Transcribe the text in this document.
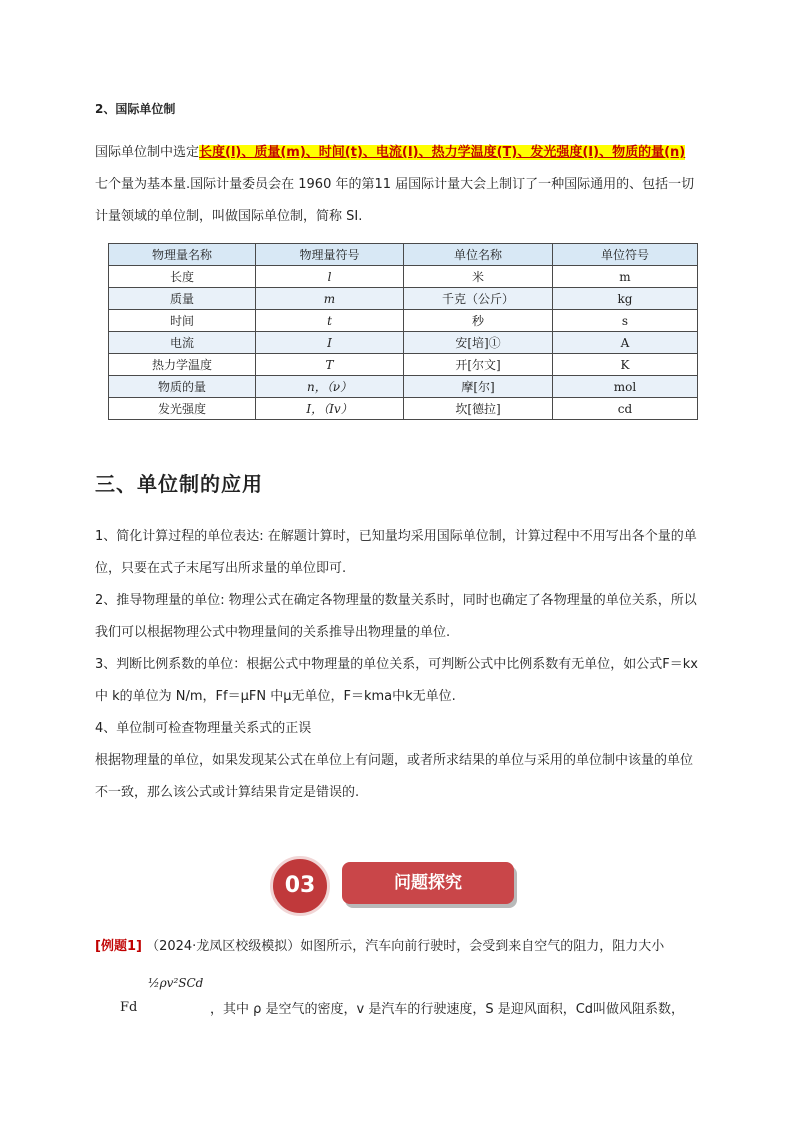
2、国际单位制
国际单位制中选定长度(l)、质量(m)、时间(t)、电流(I)、热力学温度(T)、发光强度(I)、物质的量(n)
七个量为基本量.国际计量委员会在 1960 年的第11 届国际计量大会上制订了一种国际通用的、包括一切
计量领域的单位制，叫做国际单位制，简称 SI.
物理量名称	物理量符号	单位名称	单位符号
长度	l	米	m
质量	m	千克（公斤）	kg
时间	t	秒	s
电流	I	安[培]①	A
热力学温度	T	开[尔文]	K
物质的量	n，（ν）	摩[尔]	mol
发光强度	I，（Iv）	坎[德拉]	cd
三、单位制的应用

1、简化计算过程的单位表达: 在解题计算时，已知量均采用国际单位制，计算过程中不用写出各个量的单位，只要在式子末尾写出所求量的单位即可.

2、推导物理量的单位: 物理公式在确定各物理量的数量关系时，同时也确定了各物理量的单位关系，所以我们可以根据物理公式中物理量间的关系推导出物理量的单位.

3、判断比例系数的单位：根据公式中物理量的单位关系，可判断公式中比例系数有无单位，如公式F＝kx 中 k的单位为 N/m，Ff＝μFN 中μ无单位，F＝kma中k无单位.

4、单位制可检查物理量关系式的正误

根据物理量的单位，如果发现某公式在单位上有问题，或者所求结果的单位与采用的单位制中该量的单位不一致，那么该公式或计算结果肯定是错误的.

问题探究
03
[例题1] （2024·龙凤区校级模拟）如图所示，汽车向前行驶时，会受到来自空气的阻力，阻力大小
Fd
½ρv²SCd
，其中 ρ 是空气的密度，v 是汽车的行驶速度，S 是迎风面积，Cd叫做风阻系数，
